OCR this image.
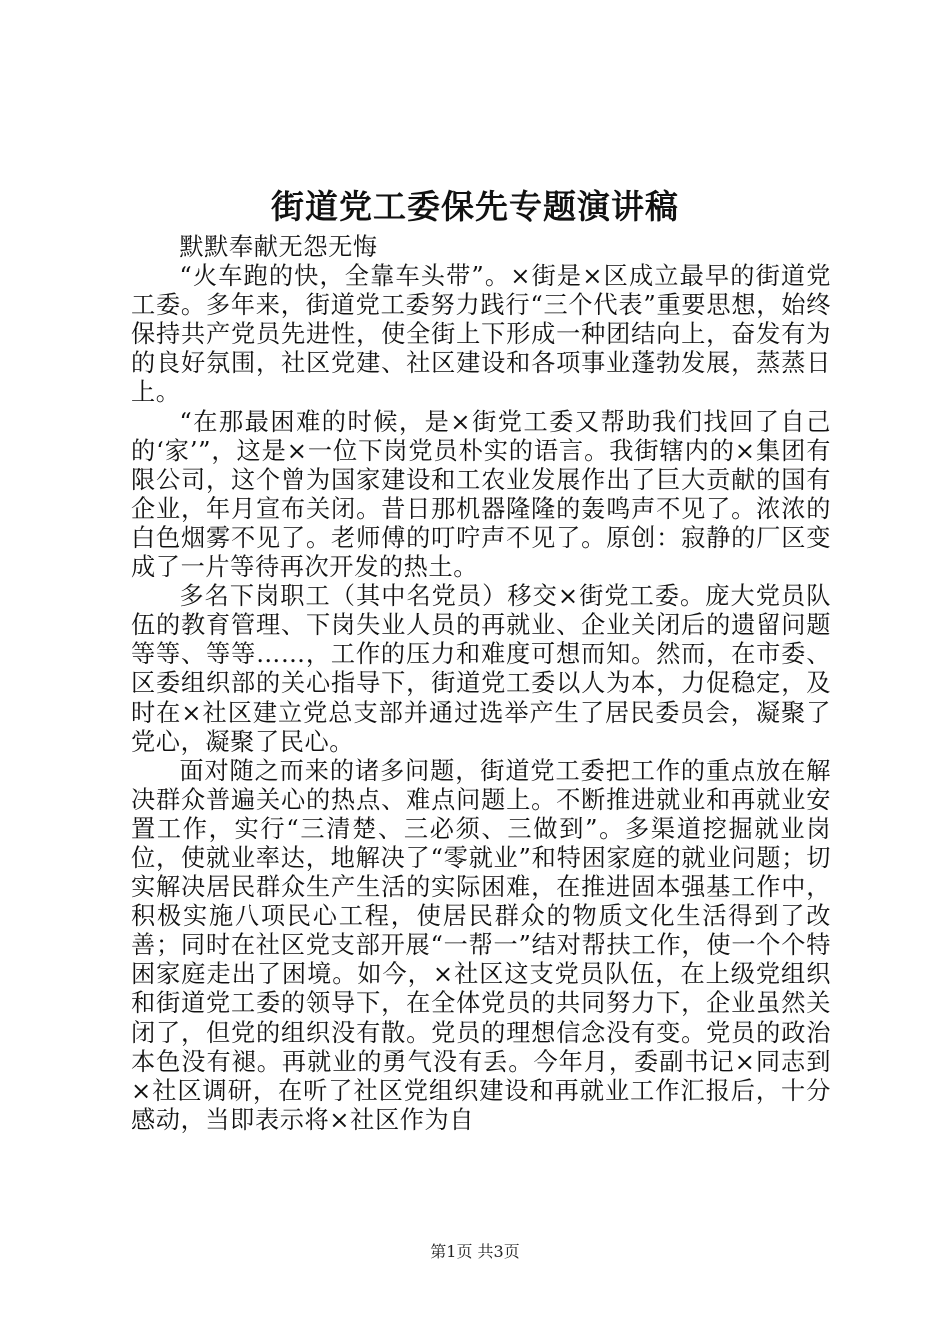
街道党工委保先专题演讲稿

默默奉献无怨无悔

“火车跑的快，全靠车头带”。×街是×区成立最早的街道党工委。多年来，街道党工委努力践行“三个代表”重要思想，始终保持共产党员先进性，使全街上下形成一种团结向上，奋发有为的良好氛围，社区党建、社区建设和各项事业蓬勃发展，蒸蒸日上。

“在那最困难的时候，是×街党工委又帮助我们找回了自己的‘家’”，这是×一位下岗党员朴实的语言。我街辖内的×集团有限公司，这个曾为国家建设和工农业发展作出了巨大贡献的国有企业，年月宣布关闭。昔日那机器隆隆的轰鸣声不见了。浓浓的白色烟雾不见了。老师傅的叮咛声不见了。原创：寂静的厂区变成了一片等待再次开发的热土。

多名下岗职工（其中名党员）移交×街党工委。庞大党员队伍的教育管理、下岗失业人员的再就业、企业关闭后的遗留问题等等、等等……，工作的压力和难度可想而知。然而，在市委、区委组织部的关心指导下，街道党工委以人为本，力促稳定，及时在×社区建立党总支部并通过选举产生了居民委员会，凝聚了党心，凝聚了民心。

面对随之而来的诸多问题，街道党工委把工作的重点放在解决群众普遍关心的热点、难点问题上。不断推进就业和再就业安置工作，实行“三清楚、三必须、三做到”。多渠道挖掘就业岗位，使就业率达，地解决了“零就业”和特困家庭的就业问题；切实解决居民群众生产生活的实际困难，在推进固本强基工作中，积极实施八项民心工程，使居民群众的物质文化生活得到了改善；同时在社区党支部开展“一帮一”结对帮扶工作，使一个个特困家庭走出了困境。如今，×社区这支党员队伍，在上级党组织和街道党工委的领导下，在全体党员的共同努力下，企业虽然关闭了，但党的组织没有散。党员的理想信念没有变。党员的政治本色没有褪。再就业的勇气没有丢。今年月，委副书记×同志到×社区调研，在听了社区党组织建设和再就业工作汇报后，十分感动，当即表示将×社区作为自

第1页 共3页
